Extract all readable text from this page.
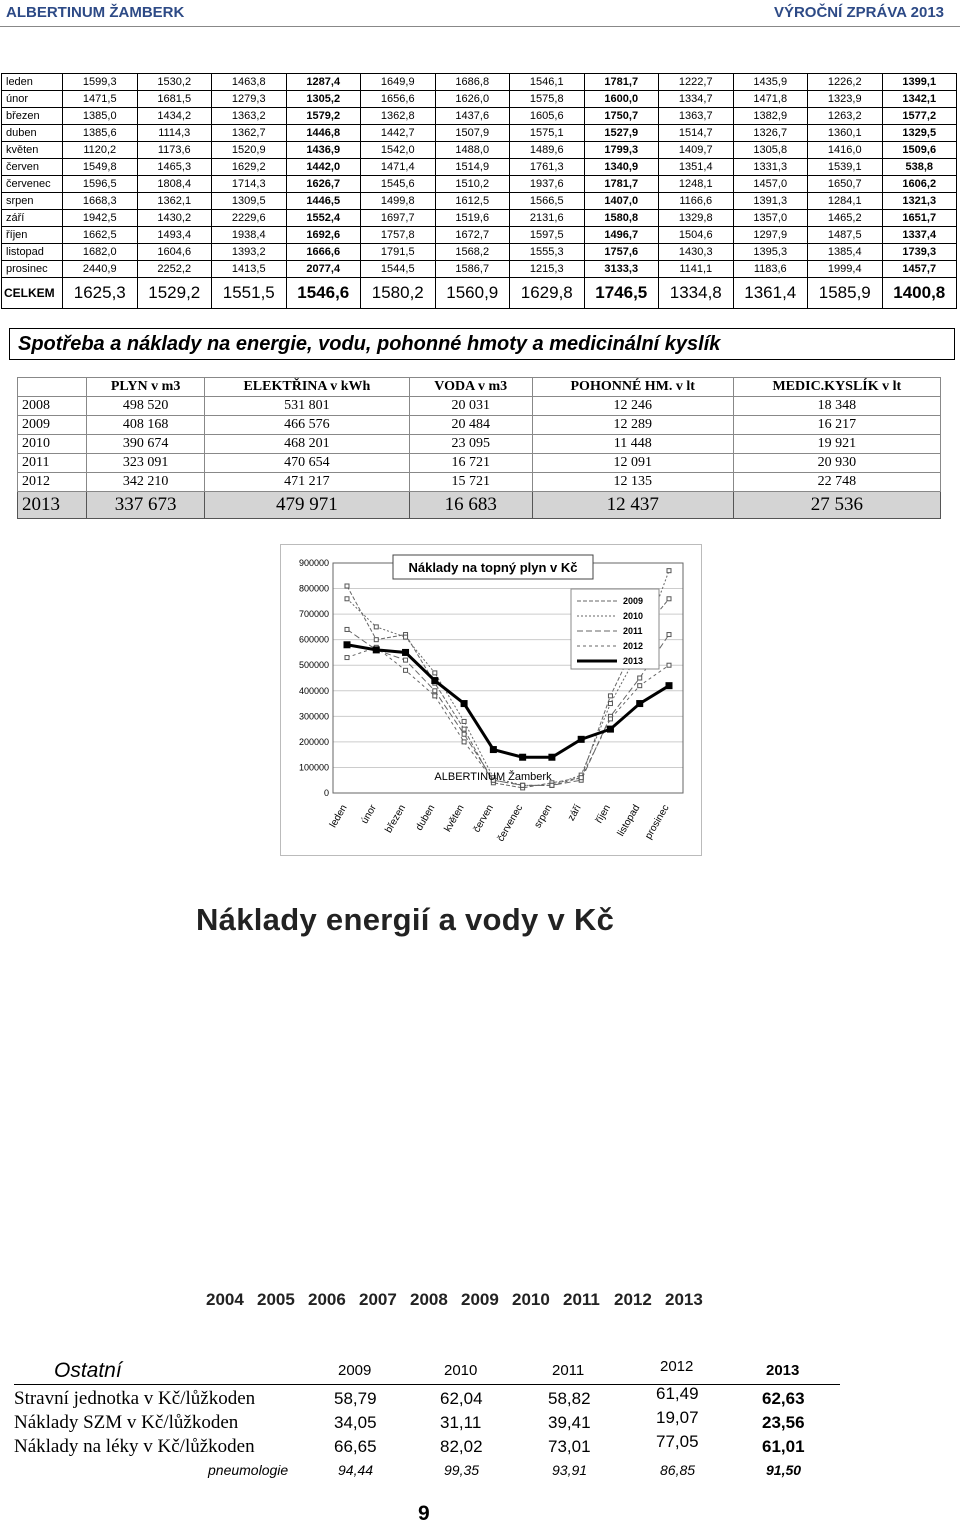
ALBERTINUM ŽAMBERK	VÝROČNÍ ZPRÁVA 2013
leden	1599,3	1530,2	1463,8	1287,4	1649,9	1686,8	1546,1	1781,7	1222,7	1435,9	1226,2	1399,1
únor	1471,5	1681,5	1279,3	1305,2	1656,6	1626,0	1575,8	1600,0	1334,7	1471,8	1323,9	1342,1
březen	1385,0	1434,2	1363,2	1579,2	1362,8	1437,6	1605,6	1750,7	1363,7	1382,9	1263,2	1577,2
duben	1385,6	1114,3	1362,7	1446,8	1442,7	1507,9	1575,1	1527,9	1514,7	1326,7	1360,1	1329,5
květen	1120,2	1173,6	1520,9	1436,9	1542,0	1488,0	1489,6	1799,3	1409,7	1305,8	1416,0	1509,6
červen	1549,8	1465,3	1629,2	1442,0	1471,4	1514,9	1761,3	1340,9	1351,4	1331,3	1539,1	538,8
červenec	1596,5	1808,4	1714,3	1626,7	1545,6	1510,2	1937,6	1781,7	1248,1	1457,0	1650,7	1606,2
srpen	1668,3	1362,1	1309,5	1446,5	1499,8	1612,5	1566,5	1407,0	1166,6	1391,3	1284,1	1321,3
září	1942,5	1430,2	2229,6	1552,4	1697,7	1519,6	2131,6	1580,8	1329,8	1357,0	1465,2	1651,7
říjen	1662,5	1493,4	1938,4	1692,6	1757,8	1672,7	1597,5	1496,7	1504,6	1297,9	1487,5	1337,4
listopad	1682,0	1604,6	1393,2	1666,6	1791,5	1568,2	1555,3	1757,6	1430,3	1395,3	1385,4	1739,3
prosinec	2440,9	2252,2	1413,5	2077,4	1544,5	1586,7	1215,3	3133,3	1141,1	1183,6	1999,4	1457,7
CELKEM	1625,3	1529,2	1551,5	1546,6	1580,2	1560,9	1629,8	1746,5	1334,8	1361,4	1585,9	1400,8
Spotřeba a náklady na energie, vodu, pohonné hmoty a medicinální kyslík
	PLYN v m3	ELEKTŘINA v kWh	VODA v m3	POHONNÉ HM. v lt	MEDIC.KYSLÍK v lt
2008	498 520	531 801	20 031	12 246	18 348
2009	408 168	466 576	20 484	12 289	16 217
2010	390 674	468 201	23 095	11 448	19 921
2011	323 091	470 654	16 721	12 091	20 930
2012	342 210	471 217	15 721	12 135	22 748
2013	337 673	479 971	16 683	12 437	27 536
900000
800000
700000
600000
500000
400000
300000
200000
100000
0
leden únor březen duben květen červen červenec srpen září říjen listopad prosinec
Náklady na topný plyn v Kč
ALBERTINUM Žamberk
2009
2010
2011
2012
2013
Náklady energií a vody v Kč
2004 2005 2006 2007 2008 2009 2010 2011 2012 2013
Ostatní	2009	2010	2011	2012	2013
Stravní jednotka v Kč/lůžkoden	58,79	62,04	58,82	61,49	62,63
Náklady SZM v Kč/lůžkoden	34,05	31,11	39,41	19,07	23,56
Náklady na léky v Kč/lůžkoden	66,65	82,02	73,01	77,05	61,01
pneumologie	94,44	99,35	93,91	86,85	91,50
9
